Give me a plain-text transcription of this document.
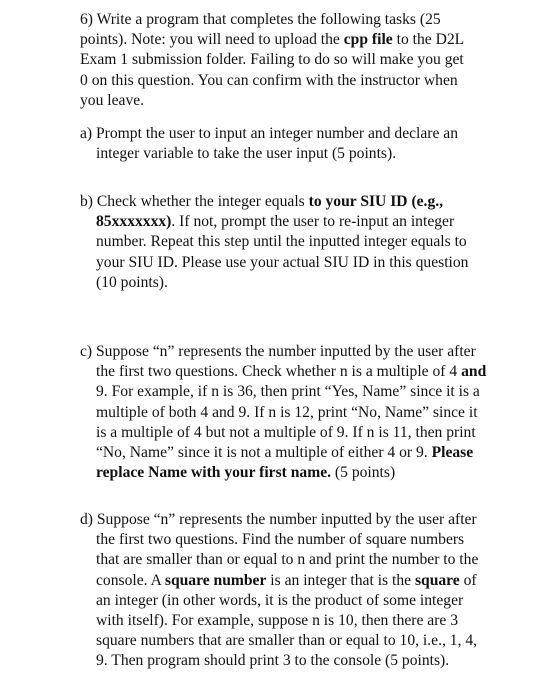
6) Write a program that completes the following tasks (25 points). Note: you will need to upload the cpp file to the D2L Exam 1 submission folder. Failing to do so will make you get 0 on this question. You can confirm with the instructor when you leave.

a) Prompt the user to input an integer number and declare an integer variable to take the user input (5 points).

b) Check whether the integer equals to your SIU ID (e.g., 85xxxxxxx). If not, prompt the user to re-input an integer number. Repeat this step until the inputted integer equals to your SIU ID. Please use your actual SIU ID in this question (10 points).

c) Suppose “n” represents the number inputted by the user after the first two questions. Check whether n is a multiple of 4 and 9. For example, if n is 36, then print “Yes, Name” since it is a multiple of both 4 and 9. If n is 12, print “No, Name” since it is a multiple of 4 but not a multiple of 9. If n is 11, then print “No, Name” since it is not a multiple of either 4 or 9. Please replace Name with your first name. (5 points)

d) Suppose “n” represents the number inputted by the user after the first two questions. Find the number of square numbers that are smaller than or equal to n and print the number to the console. A square number is an integer that is the square of an integer (in other words, it is the product of some integer with itself). For example, suppose n is 10, then there are 3 square numbers that are smaller than or equal to 10, i.e., 1, 4, 9. Then program should print 3 to the console (5 points).
